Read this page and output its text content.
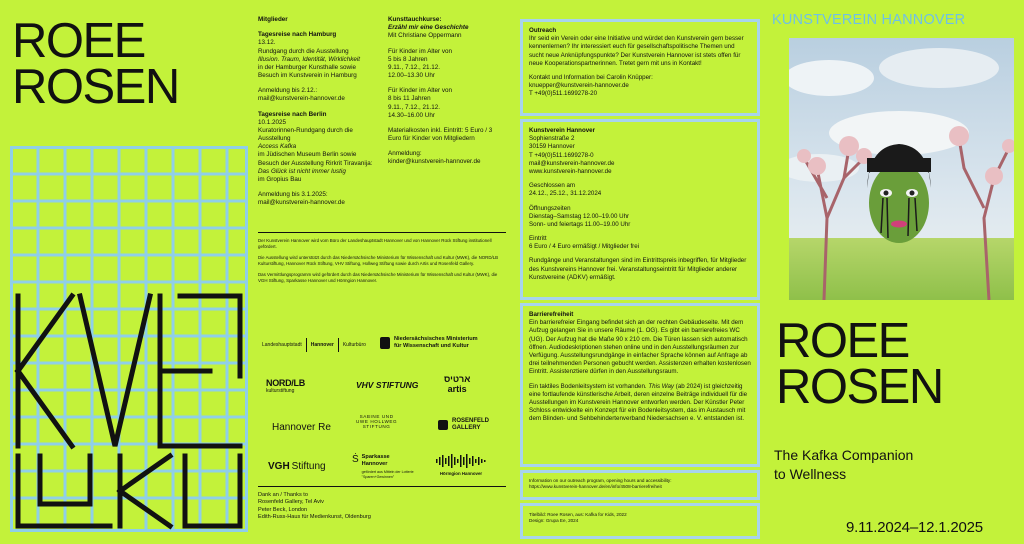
ROEE
ROSEN

Mitglieder

Tagesreise nach Hamburg
13.12.
Rundgang durch die Ausstellung
Illusion. Traum, Identität, Wirklichkeit

in der Hamburger Kunsthalle sowie Besuch im Kunstverein in Hamburg

Anmeldung bis 2.12.:

mail@kunstverein-hannover.de

Tagesreise nach Berlin
10.1.2025
Kuratorinnen-Rundgang durch die Ausstellung
Access Kafka
im Jüdischen Museum Berlin sowie Besuch der Ausstellung Rirkrit Tiravanija:
Das Glück ist nicht immer lustig

im Gropius Bau

Anmeldung bis 3.1.2025:
mail@kunstverein-hannover.de
Kunsttauchkurse:
Erzähl mir eine Geschichte

Mit Christiane Oppermann

Für Kinder im Alter von
5 bis 8 Jahren
9.11., 7.12., 21.12.

12.00–13.30 Uhr

Für Kinder im Alter von
8 bis 11 Jahren
9.11., 7.12., 21.12.

14.30–16.00 Uhr

Materialkosten inkl. Eintritt: 5 Euro / 3 Euro für Kinder von Mitgliedern

Anmeldung:
kinder@kunstverein-hannover.de

Der Kunstverein Hannover wird vom Büro der Landeshauptstadt Hannover und von Hannover Rück Stiftung institutionell gefördert.

Die Ausstellung wird unterstützt durch das Niedersächsische Ministerium für Wissenschaft und Kultur (MWK), die NORD/LB Kulturstiftung, Hannover Rück Stiftung, VHV Stiftung, Hollweg Stiftung sowie durch Artis und Rosenfeld Gallery.

Das Vermittlungsprogramm wird gefördert durch das Niedersächsische Ministerium für Wissenschaft und Kultur (MWK), die VGH Stiftung, Sparkasse Hannover und Hörmgion Hannover.

Landeshauptstadt Hannover Kulturbüro
Niedersächsisches Ministerium
für Wissenschaft und Kultur
NORD/LB
kulturstiftung
VHV STIFTUNG
ארטיס
artis
Hannover Re
SABINE UND
UWE HOLLWEG
STIFTUNG
ROSENFELD
GALLERY
VGH Stiftung
Ṡ Sparkasse
Hannover
gefördert aus Mitteln der Lotterie "Sparen+Gewinnen"
Hörmgion Hannover
Dank an / Thanks to
Rosenfeld Gallery, Tel Aviv
Peter Beck, London
Edith-Russ-Haus für Medienkunst, Oldenburg
Outreach

Ihr seid ein Verein oder eine Initiative und würdet den Kunstverein gern besser kennenlernen? Ihr interessiert euch für gesellschaftspolitische Themen und sucht neue Anknüpfungspunkte? Der Kunstverein Hannover ist stets offen für neue Kooperationspartnerinnen. Tretet gern mit uns in Kontakt!

Kontakt und Information bei Carolin Knüpper:
knuepper@kunstverein-hannover.de
T +49(0)511.1699278-20
Kunstverein Hannover
Sophienstraße 2
30159 Hannover
T +49(0)511.1699278-0
mail@kunstverein-hannover.de

www.kunstverein-hannover.de

Geschlossen am

24.12., 25.12., 31.12.2024

Öffnungszeiten
Dienstag–Samstag 12.00–19.00 Uhr

Sonn- und feiertags 11.00–19.00 Uhr

Eintritt

6 Euro / 4 Euro ermäßigt / Mitglieder frei

Rundgänge und Veranstaltungen sind im Eintrittspreis inbegriffen, für Mitglieder des Kunstvereins Hannover frei. Veranstaltungseintritt für Mitglieder anderer Kunstvereine (ADKV) ermäßigt.

Barrierefreiheit

Ein barrierefreier Eingang befindet sich an der rechten Gebäudeseite. Mit dem Aufzug gelangen Sie in unsere Räume (1. OG). Es gibt ein barrierefreies WC (UG). Der Aufzug hat die Maße 90 x 210 cm. Die Türen lassen sich automatisch öffnen. Audiodeskriptionen stehen online und in den Ausstellungsräumen zur Verfügung. Ausstellungsrundgänge in einfacher Sprache können auf Anfrage ab drei teilnehmenden Personen gebucht werden. Assistenzen erhalten kostenlosen Eintritt. Assistenztiere dürfen in den Ausstellungsraum.

Ein taktiles Bodenleitsystem ist vorhanden. This Way (ab 2024) ist gleichzeitig eine fortlaufende künstlerische Arbeit, deren einzelne Beiträge individuell für die Ausstellungen im Kunstverein Hannover entworfen werden. Der Künstler Peter Schloss entwickelte ein Konzept für ein Bodenleitsystem, das im Austausch mit dem Blinden- und Sehbehindertenverband Niedersachsen e. V. entstanden ist.

Information on our outreach program, opening hours and accessibility:
https://www.kunstverein-hannover.de/en/info/4508-barrierefreiheit
Titelbild: Roee Rosen, aus: Kafka for Kids, 2022
Design: Grupa Ee, 2024
KUNSTVEREIN HANNOVER
ROEE
ROSEN
The Kafka Companion
to Wellness
9.11.2024–12.1.2025
